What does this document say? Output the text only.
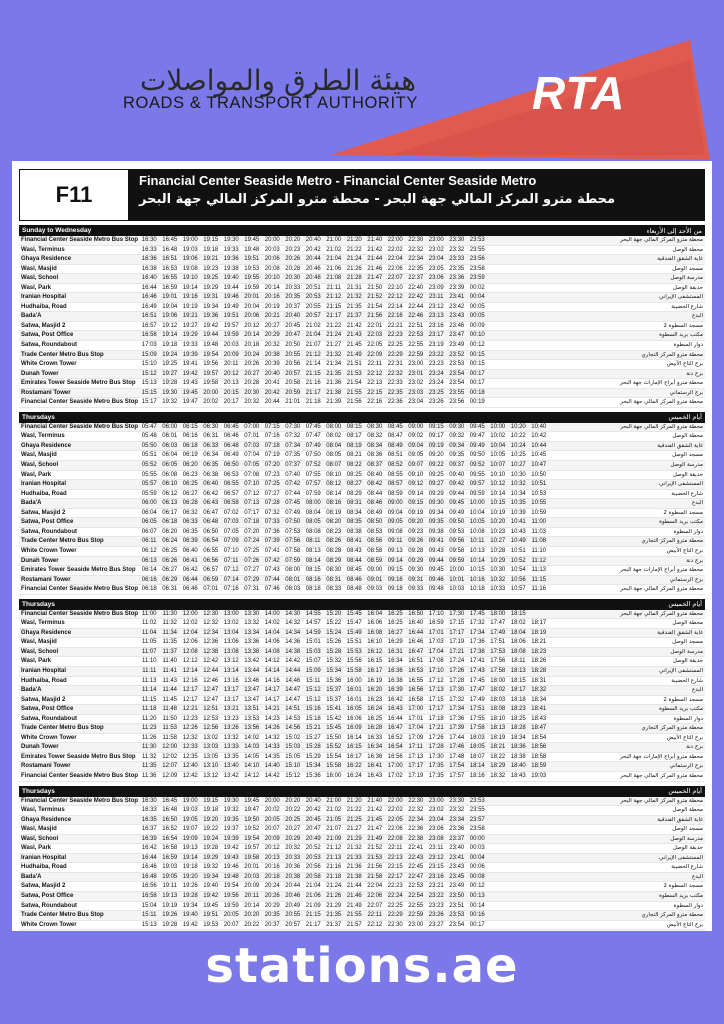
هيئة الطرق والمواصلات
ROADS & TRANSPORT AUTHORITY RTA
F11
Financial Center Seaside Metro - Financial Center Seaside Metro
محطة مترو المركز المالي جهة البحر - محطة مترو المركز المالي جهة البحر
Sunday to Wednesday	من الأحد إلى الأربعاء
Financial Center Seaside Metro Bus Stop 16:30 16:45 19:00 19:15 19:30 19:45 20:00 20:20 20:40 21:00 21:20 21:40 22:00 22:30 23:00 23:30 23:53	محطة مترو المركز المالي جهة البحر
Wasl, Terminus	16:33 16:48 19:03 19:18 19:33 19:48 20:03 20:23 20:42 21:02 21:22 21:42 22:02 22:32 23:02 23:32 23:55	محطة الوصل
Ghaya Residence	16:36 16:51 19:06 19:21 19:36 19:51 20:06 20:26 20:44 21:04 21:24 21:44 22:04 22:34 23:04 23:33 23:56	غاية الشقق الفندقية
Wasl, Masjid	16:38 16:53 19:08 19:23 19:38 19:53 20:08 20:28 20:46 21:06 21:26 21:46 22:06 22:35 23:05 23:35 23:58	مسجد الوصل
Wasl, School	16:40 16:55 19:10 19:25 19:40 19:55 20:10 20:30 20:48 21:08 21:28 21:47 22:07 22:37 23:06 23:36 23:59	مدرسة الوصل
Wasl, Park	16:44 16:59 19:14 19:29 19:44 19:59 20:14 20:33 20:51 21:11 21:31 21:50 22:10 22:40 23:09 23:39 00:02	حديقة الوصل
Iranian Hospital	16:46 19:01 19:16 19:31 19:46 20:01 20:16 20:35 20:53 21:12 21:32 21:52 22:12 22:42 23:11 23:41 00:04	المستشفى الإيراني
Hudhaiba, Road	16:49 19:04 19:19 19:34 19:49 20:04 20:19 20:37 20:55 21:15 21:35 21:54 22:14 22:44 23:12 23:42 00:05	شارع الحضيبة
Bada'A	16:51 19:06 19:21 19:36 19:51 20:06 20:21 20:40 20:57 21:17 21:37 21:56 22:16 22:46 23:13 23:43 00:05	البدع
Satwa, Masjid 2	16:57 19:12 19:27 19:42 19:57 20:12 20:27 20:45 21:02 21:22 21:42 22:01 22:21 22:51 23:16 23:46 00:09	مسجد السطوة 2
Satwa, Post Office	16:58 19:14 19:29 19:44 19:59 20:14 20:29 20:47 21:04 21:24 21:43 22:03 22:23 22:53 23:17 23:47 00:10	مكتب بريد السطوة
Satwa, Roundabout	17:03 19:18 19:33 19:48 20:03 20:18 20:32 20:50 21:07 21:27 21:45 22:05 22:25 22:55 23:19 23:49 00:12	دوار السطوة
Trade Center Metro Bus Stop	15:09 19:24 19:39 19:54 20:09 20:24 20:38 20:55 21:12 21:32 21:49 22:09 22:29 22:59 23:22 23:52 00:15	محطة مترو المركز التجاري
White Crown Tower	15:10 19:25 19:41 19:56 20:11 20:26 20:39 20:56 21:14 21:34 21:51 22:11 22:31 23:00 23:23 23:53 00:15	برج التاج الأبيض
Dunah Tower	15:12 19:27 19:42 19:57 20:12 20:27 20:40 20:57 21:15 21:35 21:53 22:12 22:32 23:01 23:24 23:54 00:17	برج دنة
Emirates Tower Seaside Metro Bus Stop	15:13 19:28 19:43 19:58 20:13 20:28 20:41 20:58 21:16 21:36 21:54 22:13 22:33 23:02 23:24 23:54 00:17	محطة مترو أبراج الإمارات جهة البحر
Rostamani Tower	15:15 19:30 19:45 20:00 20:15 20:30 20:42 20:59 21:17 21:38 21:55 22:15 22:35 23:03 23:25 23:55 00:18	برج الرستماني
Financial Center Seaside Metro Bus Stop 15:17 19:32 19:47 20:02 20:17 20:32 20:44 21:01 21:18 21:39 21:56 22:16 22:36 23:04 23:26 23:56 00:19	محطة مترو المركز المالي جهة البحر
Thursdays	أيام الخميس
Financial Center Seaside Metro Bus Stop 05:47 06:00 06:15 06:30 06:45 07:00 07:15 07:30 07:45 08:00 08:15 08:30 08:45 09:00 09:15 09:30 09:45 10:00 10:20 10:40	محطة مترو المركز المالي جهة البحر
Wasl, Terminus	05:48 06:01 06:16 06:31 06:46 07:01 07:16 07:32 07:47 08:02 08:17 08:32 08:47 09:02 09:17 09:32 09:47 10:02 10:22 10:42	محطة الوصل
Ghaya Residence	05:50 06:03 06:18 06:33 06:48 07:03 07:18 07:34 07:49 08:04 08:19 08:34 08:49 09:04 09:19 09:34 09:49 10:04 10:24 10:44	غاية الشقق الفندقية
Wasl, Masjid	05:51 06:04 06:19 06:34 06:49 07:04 07:19 07:35 07:50 08:05 08:21 08:36 08:51 09:05 09:20 09:35 09:50 10:05 10:25 10:45	مسجد الوصل
Wasl, School	05:52 06:05 06:20 06:35 06:50 07:05 07:20 07:37 07:52 08:07 08:22 08:37 08:52 09:07 09:22 09:37 09:52 10:07 10:27 10:47	مدرسة الوصل
Wasl, Park	05:55 06:08 06:23 06:38 06:53 07:08 07:23 07:40 07:55 08:10 08:25 08:40 08:55 09:10 09:25 09:40 09:55 10:10 10:30 10:50	حديقة الوصل
Iranian Hospital	05:57 06:10 06:25 06:40 06:55 07:10 07:25 07:42 07:57 08:12 08:27 08:42 08:57 09:12 09:27 09:42 09:57 10:12 10:32 10:51	المستشفى الإيراني
Hudhaiba, Road	05:59 06:12 06:27 06:42 06:57 07:12 07:27 07:44 07:59 08:14 08:29 08:44 08:59 09:14 09:29 09:44 09:59 10:14 10:34 10:53	شارع الحضيبة
Bada'A	06:00 06:13 06:28 06:43 06:58 07:13 07:28 07:45 08:00 08:16 08:31 08:46 09:00 09:15 09:30 09:45 10:00 10:15 10:35 10:55	البدع
Satwa, Masjid 2	06:04 06:17 06:32 06:47 07:02 07:17 07:32 07:49 08:04 08:19 08:34 08:49 09:04 09:19 09:34 09:49 10:04 10:19 10:39 10:59	مسجد السطوة 2
Satwa, Post Office	06:05 06:18 06:33 06:48 07:03 07:18 07:33 07:50 08:05 08:20 08:35 08:50 09:05 09:20 09:35 09:50 10:05 10:20 10:41 11:00	مكتب بريد السطوة
Satwa, Roundabout	06:07 06:20 06:35 06:50 07:05 07:20 07:36 07:53 08:08 08:23 08:38 08:53 09:08 09:23 09:38 09:53 10:08 10:23 10:43 11:03	دوار السطوة
Trade Center Metro Bus Stop	06:11 06:24 06:39 06:54 07:09 07:24 07:39 07:56 08:11 08:26 08:41 08:56 09:11 09:26 09:41 09:56 10:11 10:27 10:49 11:08	محطة مترو المركز التجاري
White Crown Tower	06:12 06:25 06:40 06:55 07:10 07:25 07:41 07:58 08:13 08:28 08:43 08:58 09:13 09:28 09:43 09:58 10:13 10:28 10:51 11:10	برج التاج الأبيض
Dunah Tower	06:13 06:26 06:41 06:56 07:11 07:26 07:42 07:59 08:14 08:29 08:44 08:59 09:14 09:29 09:44 09:59 10:14 10:29 10:52 11:12	برج دنة
Emirates Tower Seaside Metro Bus Stop	06:14 06:27 06:42 06:57 07:12 07:27 07:43 08:00 08:15 08:30 08:45 09:00 09:15 09:30 09:45 10:00 10:15 10:30 10:54 11:13	محطة مترو أبراج الإمارات جهة البحر
Rostamani Tower	06:16 06:29 06:44 06:59 07:14 07:29 07:44 08:01 08:16 08:31 08:46 09:01 09:16 09:31 09:46 10:01 10:16 10:32 10:56 11:15	برج الرستماني
Financial Center Seaside Metro Bus Stop 06:18 06:31 06:46 07:01 07:16 07:31 07:46 08:03 08:18 08:33 08:48 09:03 09:18 09:33 09:48 10:03 10:18 10:33 10:57 11:16	محطة مترو المركز المالي جهة البحر
Thursdays	أيام الخميس
Financial Center Seaside Metro Bus Stop 11:00 11:30 12:00 12:30 13:00 13:30 14:00 14:30 14:55 15:20 15:45 16:04 16:25 16:50 17:10 17:30 17:45 18:00 18:15	محطة مترو المركز المالي جهة البحر
Wasl, Terminus	11:02 11:32 12:02 12:32 13:02 13:32 14:02 14:32 14:57 15:22 15:47 16:06 16:25 16:40 16:59 17:15 17:32 17:47 18:02 18:17	محطة الوصل
Ghaya Residence	11:04 11:34 12:04 12:34 13:04 13:34 14:04 14:34 14:59 15:24 15:49 16:08 16:27 16:44 17:01 17:17 17:34 17:49 18:04 18:19	غاية الشقق الفندقية
Wasl, Masjid	11:05 11:35 12:06 12:36 13:06 13:36 14:06 14:36 15:01 15:26 15:51 16:10 16:29 16:46 17:03 17:19 17:36 17:51 18:06 18:21	مسجد الوصل
Wasl, School	11:07 11:37 12:08 12:38 13:08 13:38 14:08 14:38 15:03 15:28 15:53 16:12 16:31 16:47 17:04 17:21 17:38 17:53 18:08 18:23	مدرسة الوصل
Wasl, Park	11:10 11:40 12:12 12:42 13:12 13:42 14:12 14:42 15:07 15:32 15:56 16:15 16:34 16:51 17:08 17:24 17:41 17:56 18:11 18:26	حديقة الوصل
Iranian Hospital	11:11	11:41 12:14 12:44 13:14 13:44 14:14 14:44 15:09 15:34 15:58 16:17 16:36 16:53 17:10 17:26 17:43 17:58 18:13 18:28	المستشفى الإيراني
Hudhaiba, Road	11:13 11:43 12:16 12:46 13:16 13:46 14:16 14:46 15:11 15:36 16:00 16:19 16:38 16:55 17:12 17:28 17:45 18:00 18:15 18:31	شارع الحضيبة
Bada'A	11:14 11:44 12:17 12:47 13:17 13:47 14:17 14:47 15:12 15:37 16:01 16:20 16:39 16:56 17:13 17:30 17:47 18:02 18:17 18:32	البدع
Satwa, Masjid 2	11:15 11:45 12:17 12:47 13:17 13:47 14:17 14:47 15:12 15:37 16:01 16:23 16:42 16:58 17:15 17:32 17:49 18:03 18:18 18:34	مسجد السطوة 2
Satwa, Post Office	11:18 11:48 12:21 12:51 13:21 13:51 14:21 14:51 15:16 15:41 16:05 16:24 16:43 17:00 17:17 17:34 17:51 18:08 18:23 18:41	مكتب بريد السطوة
Satwa, Roundabout	11:20 11:50 12:23 12:53 13:23 13:53 14:23 14:53 15:18 15:42 16:06 16:25 16:44 17:01 17:18 17:36 17:55 18:10 18:25 18:43	دوار السطوة
Trade Center Metro Bus Stop	11:23 11:53 12:26 12:56 13:26 13:56 14:26 14:56 15:21 15:45 16:09 16:28 16:47 17:04 17:21 17:39 17:58 18:13 18:28 18:47	محطة مترو المركز التجاري
White Crown Tower	11:26 11:58 12:32 13:02 13:32 14:02 14:32 15:02 15:27 15:50 16:14 16:33 16:52 17:09 17:26 17:44 18:03 18:19 18:34 18:54	برج التاج الأبيض
Dunah Tower	11:30 12:00 12:33 13:03 13:33 14:03 14:33 15:03 15:28 15:52 16:15 16:34 16:54 17:11 17:28 17:46 18:05 18:21 18:36 18:56	برج دنة
Emirates Tower Seaside Metro Bus Stop	11:32 12:02 12:35 13:05 13:35 14:05 14:35 15:05 15:29 15:54 16:17 16:36 16:56 17:13 17:30 17:48 18:07 18:22 18:38 18:58	محطة مترو أبراج الإمارات جهة البحر
Rostamani Tower	11:35 12:07 12:40 13:10 13:40 14:10 14:40 15:10 15:34 15:58 16:22 16:41 17:00 17:17 17:35 17:54 18:14 18:29 18:40 18:59	برج الرستماني
Financial Center Seaside Metro Bus Stop 11:36 12:09 12:42 13:12 13:42 14:12 14:42 15:12 15:36 16:00 16:24 16:43 17:02 17:19 17:35 17:57 18:16 18:32 18:43 19:03	محطة مترو المركز المالي جهة البحر
Thursdays	أيام الخميس
Financial Center Seaside Metro Bus Stop 16:30 16:45 19:00 19:15 19:30 19:45 20:00 20:20 20:40 21:00 21:20 21:40 22:00 22:30 23:00 23:30 23:53	محطة مترو المركز المالي جهة البحر
Wasl, Terminus	16:33 16:48 19:03 19:18 19:32 19:47 20:02 20:22 20:42 21:02 21:22 21:42 22:02 22:32 23:02 23:32 23:55	محطة الوصل
Ghaya Residence	16:35 16:50 19:05 19:20 19:35 19:50 20:05 20:25 20:45 21:05 21:25 21:45 22:05 22:34 23:04 23:34 23:57	غاية الشقق الفندقية
Wasl, Masjid	16:37 16:52 19:07 19:22 19:37 19:52 20:07 20:27 20:47 21:07 21:27 21:47 22:06 22:36 23:06 23:36 23:58	مسجد الوصل
Wasl, School	16:39 16:54 19:09 19:24 19:39 19:54 20:09 20:29 20:49 21:09 21:29 21:49 22:08 22:38 23:08 23:37 00:00	مدرسة الوصل
Wasl, Park	16:42 16:58 19:13 19:28 19:42 19:57 20:12 20:32 20:52 21:12 21:32 21:52 22:11 22:41 23:11 23:40 00:03	حديقة الوصل
Iranian Hospital	16:44 16:59 19:14 19:29 19:43 19:58 20:13 20:33 20:53 21:13 21:33 21:53 22:13 22:43 23:12 23:41 00:04	المستشفى الإيراني
Hudhaiba, Road	16:46 19:03 19:18 19:32 19:46 20:01 20:16 20:36 20:56 21:16 21:36 21:56 22:15 22:45 23:15 23:43 00:06	شارع الحضيبة
Bada'A	16:48 19:05 19:20 19:34 19:48 20:03 20:18 20:38 20:58 21:18 21:38 21:58 22:17 22:47 23:16 23:45 00:08	البدع
Satwa, Masjid 2	16:56 19:11 19:26 19:40 19:54 20:09 20:24 20:44 21:04 21:24 21:44 22:04 22:23 22:53 23:21 23:49 00:12	مسجد السطوة 2
Satwa, Post Office	16:58 19:13 19:28 19:42 19:56 20:11 20:26 20:46 21:06 21:26 21:46 22:06 22:24 22:54 23:22 23:50 00:13	مكتب بريد السطوة
Satwa, Roundabout	15:04 19:19 19:34 19:45 19:59 20:14 20:29 20:49 21:09 21:29 21:49 22:07 22:25 22:55 23:23 23:51 00:14	دوار السطوة
Trade Center Metro Bus Stop	15:11 19:26 19:40 19:51 20:05 20:20 20:35 20:55 21:15 21:35 21:55 22:11 22:29 22:59 23:26 23:53 00:16	محطة مترو المركز التجاري
White Crown Tower	15:13 19:28 19:42 19:53 20:07 20:22 20:37 20:57 21:17 21:37 21:57 22:12 22:30 23:00 23:27 23:54 00:17	برج التاج الأبيض
stations.ae
